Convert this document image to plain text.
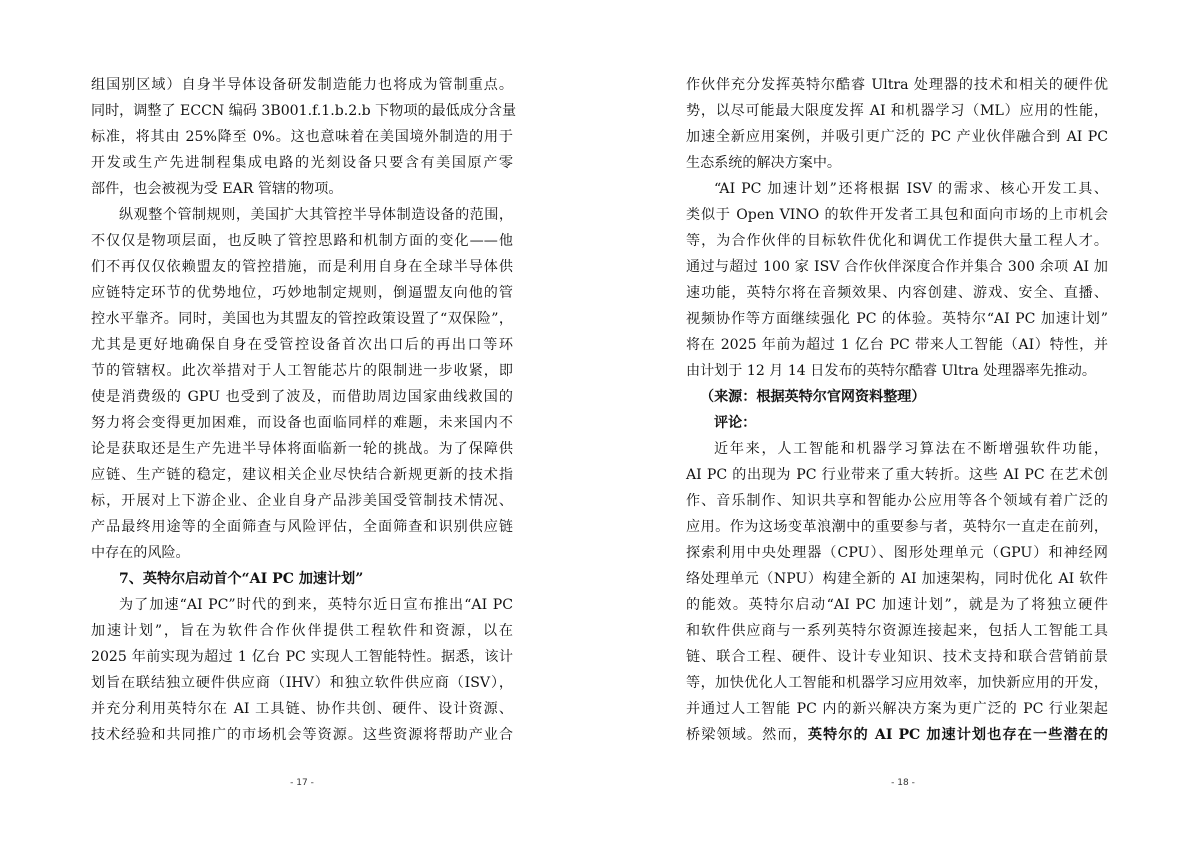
组国别区域）自身半导体设备研发制造能力也将成为管制重点。
同时，调整了 ECCN 编码 3B001.f.1.b.2.b 下物项的最低成分含量
标准，将其由 25%降至 0%。这也意味着在美国境外制造的用于
开发或生产先进制程集成电路的光刻设备只要含有美国原产零
部件，也会被视为受 EAR 管辖的物项。
纵观整个管制规则，美国扩大其管控半导体制造设备的范围，
不仅仅是物项层面，也反映了管控思路和机制方面的变化——他
们不再仅仅依赖盟友的管控措施，而是利用自身在全球半导体供
应链特定环节的优势地位，巧妙地制定规则，倒逼盟友向他的管
控水平靠齐。同时，美国也为其盟友的管控政策设置了“双保险”，
尤其是更好地确保自身在受管控设备首次出口后的再出口等环
节的管辖权。此次举措对于人工智能芯片的限制进一步收紧，即
使是消费级的 GPU 也受到了波及，而借助周边国家曲线救国的
努力将会变得更加困难，而设备也面临同样的难题，未来国内不
论是获取还是生产先进半导体将面临新一轮的挑战。为了保障供
应链、生产链的稳定，建议相关企业尽快结合新规更新的技术指
标，开展对上下游企业、企业自身产品涉美国受管制技术情况、
产品最终用途等的全面筛查与风险评估，全面筛查和识别供应链
中存在的风险。
7、英特尔启动首个“AI PC 加速计划”
为了加速“AI PC”时代的到来，英特尔近日宣布推出“AI PC
加速计划”，旨在为软件合作伙伴提供工程软件和资源，以在
2025 年前实现为超过 1 亿台 PC 实现人工智能特性。据悉，该计
划旨在联结独立硬件供应商（IHV）和独立软件供应商（ISV），
并充分利用英特尔在 AI 工具链、协作共创、硬件、设计资源、
技术经验和共同推广的市场机会等资源。这些资源将帮助产业合
作伙伴充分发挥英特尔酷睿 Ultra 处理器的技术和相关的硬件优
势，以尽可能最大限度发挥 AI 和机器学习（ML）应用的性能，
加速全新应用案例，并吸引更广泛的 PC 产业伙伴融合到 AI PC
生态系统的解决方案中。
“AI PC 加速计划”还将根据 ISV 的需求、核心开发工具、
类似于 Open VINO 的软件开发者工具包和面向市场的上市机会
等，为合作伙伴的目标软件优化和调优工作提供大量工程人才。
通过与超过 100 家 ISV 合作伙伴深度合作并集合 300 余项 AI 加
速功能，英特尔将在音频效果、内容创建、游戏、安全、直播、
视频协作等方面继续强化 PC 的体验。英特尔“AI PC 加速计划”
将在 2025 年前为超过 1 亿台 PC 带来人工智能（AI）特性，并
由计划于 12 月 14 日发布的英特尔酷睿 Ultra 处理器率先推动。
（来源：根据英特尔官网资料整理）
评论：
近年来，人工智能和机器学习算法在不断增强软件功能，
AI PC 的出现为 PC 行业带来了重大转折。这些 AI PC 在艺术创
作、音乐制作、知识共享和智能办公应用等各个领域有着广泛的
应用。作为这场变革浪潮中的重要参与者，英特尔一直走在前列，
探索利用中央处理器（CPU）、图形处理单元（GPU）和神经网
络处理单元（NPU）构建全新的 AI 加速架构，同时优化 AI 软件
的能效。英特尔启动“AI PC 加速计划”，就是为了将独立硬件
和软件供应商与一系列英特尔资源连接起来，包括人工智能工具
链、联合工程、硬件、设计专业知识、技术支持和联合营销前景
等，加快优化人工智能和机器学习应用效率，加快新应用的开发，
并通过人工智能 PC 内的新兴解决方案为更广泛的 PC 行业架起
桥梁领域。然而，英特尔的 AI PC 加速计划也存在一些潜在的
- 17 -	- 18 -
